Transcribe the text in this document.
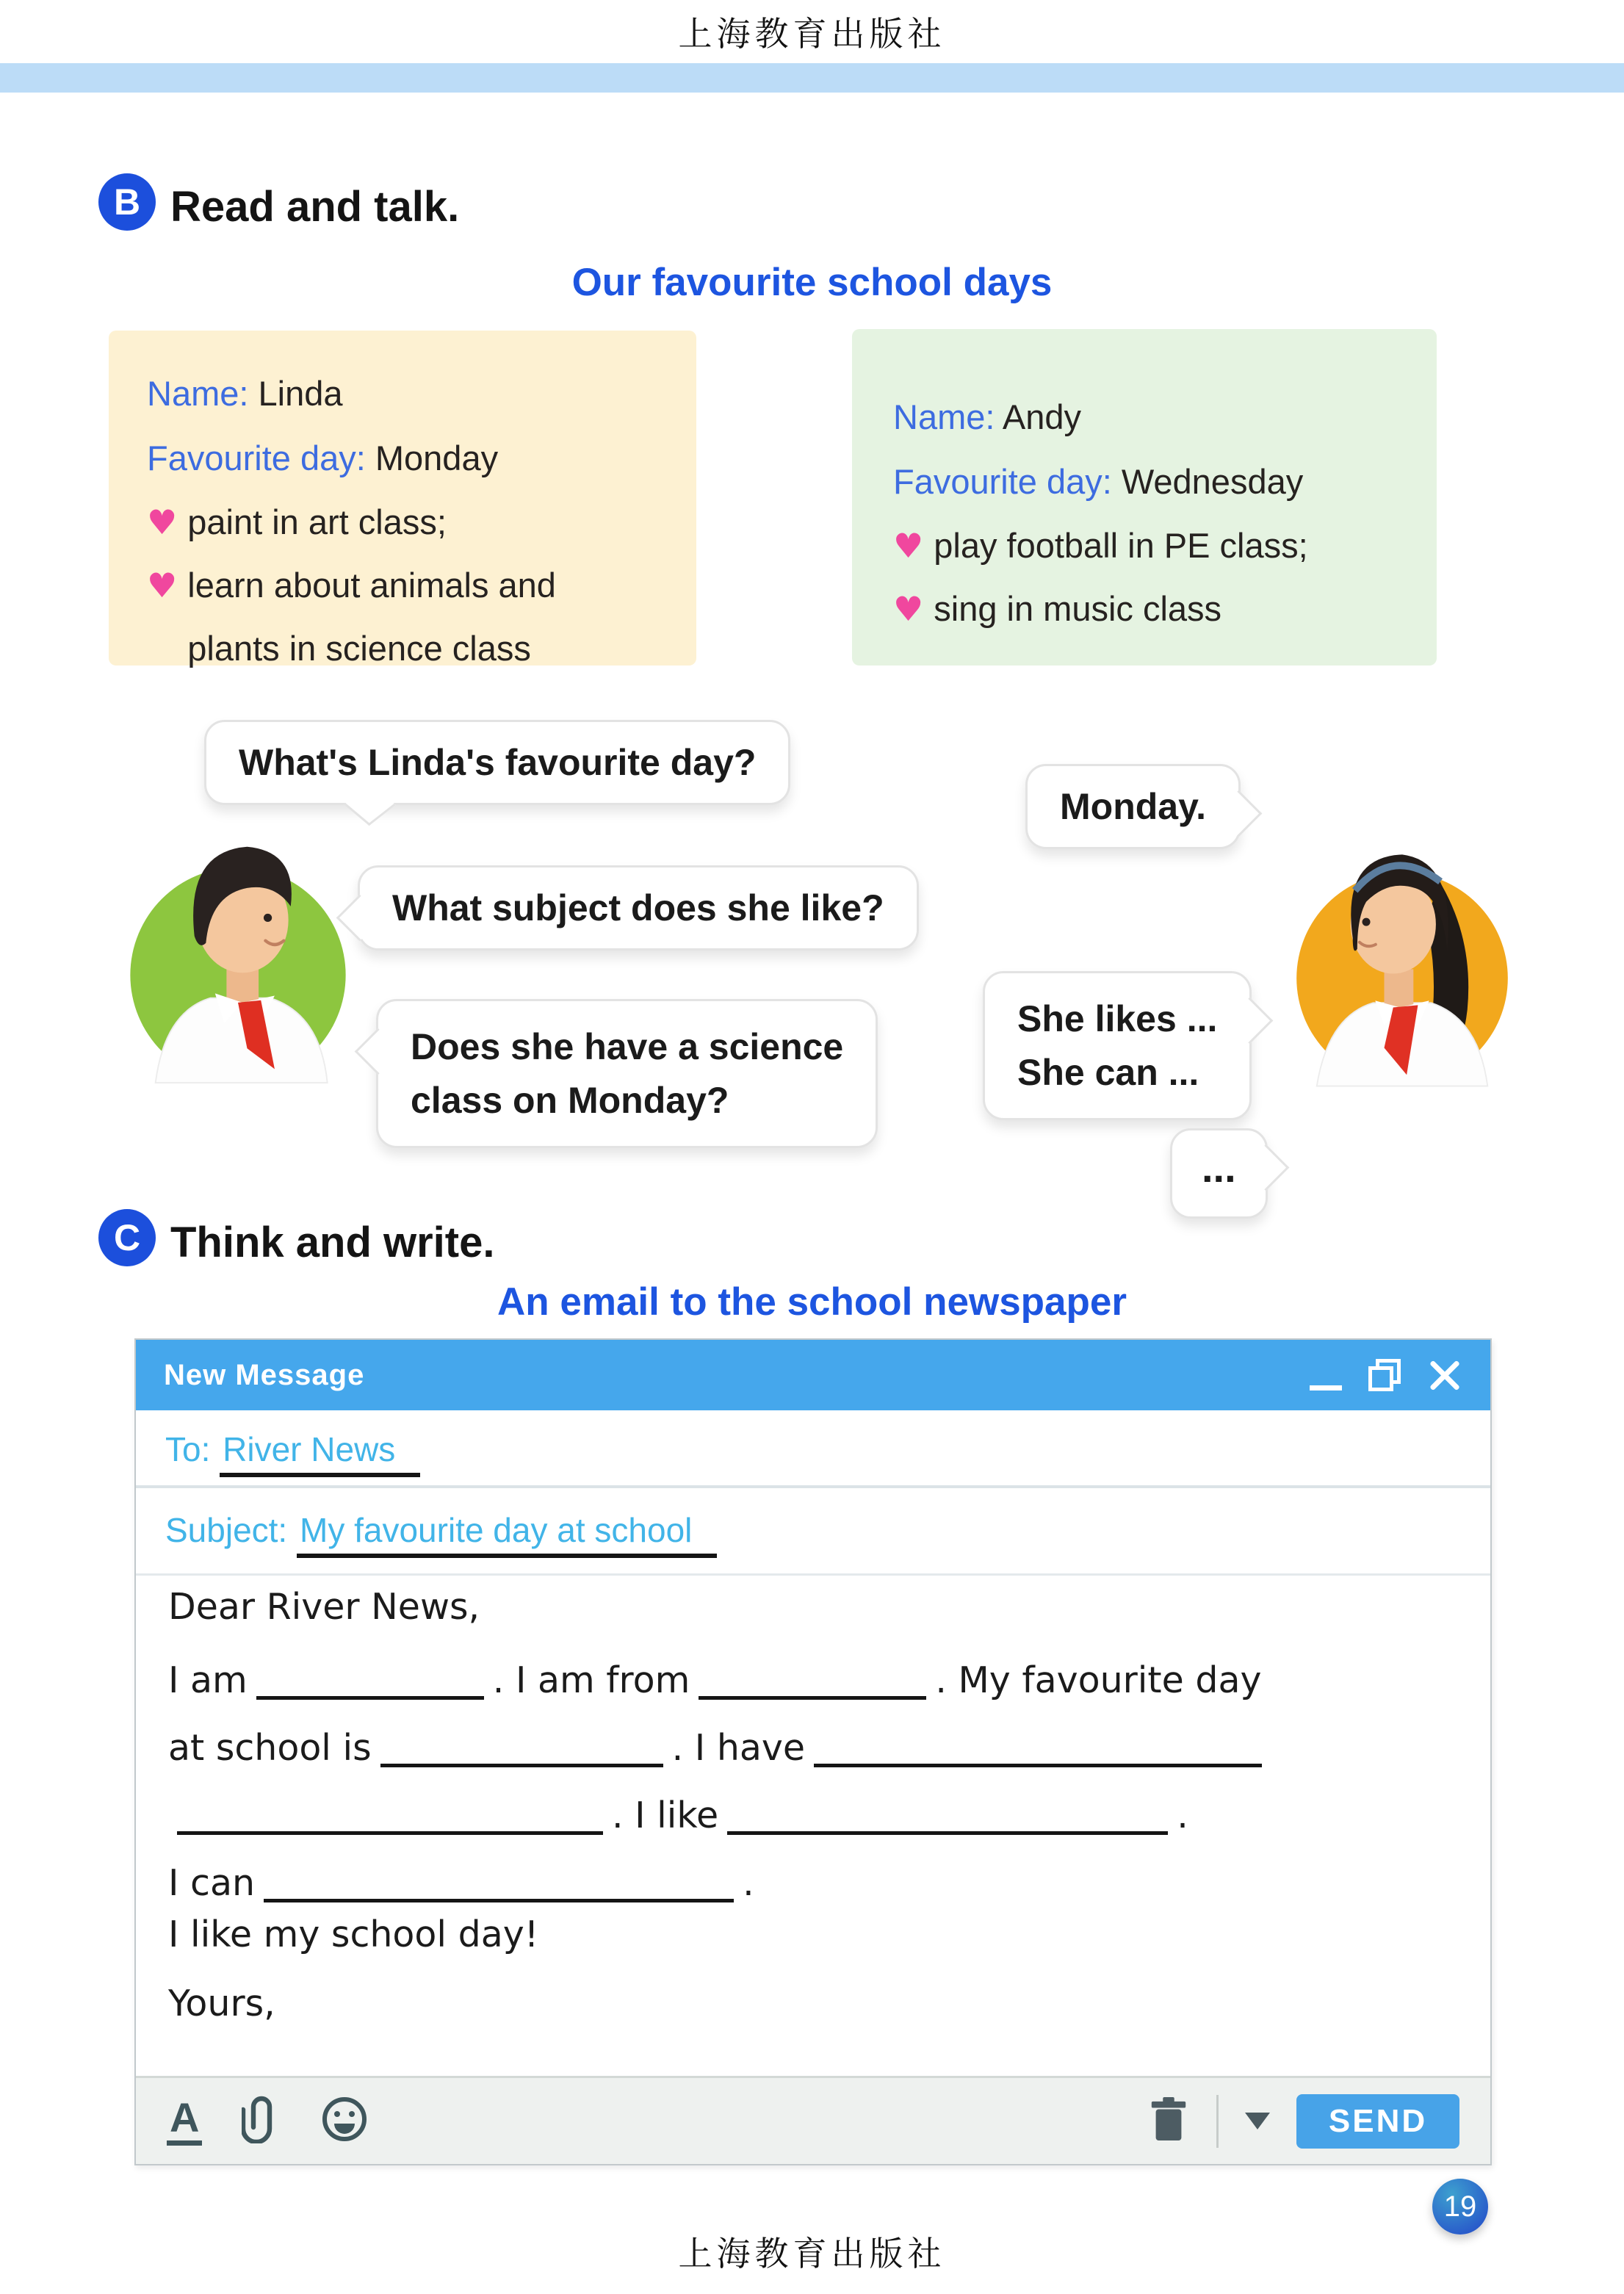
上海教育出版社
B Read and talk.
Our favourite school days
Name: Linda
Favourite day: Monday
♥ paint in art class;
♥ learn about animals and plants in science class
Name: Andy
Favourite day: Wednesday
♥ play football in PE class;
♥ sing in music class
What's Linda's favourite day?
Monday.
What subject does she like?
She likes ...
She can ...
Does she have a science
class on Monday?
...
C Think and write.
An email to the school newspaper
New Message
To: River News
Subject: My favourite day at school
Dear River News,
I am	. I am from	. My favourite day
at school is	. I have
. I like	.
I can	.
I like my school day!
Yours,
A	SEND
上海教育出版社
19
